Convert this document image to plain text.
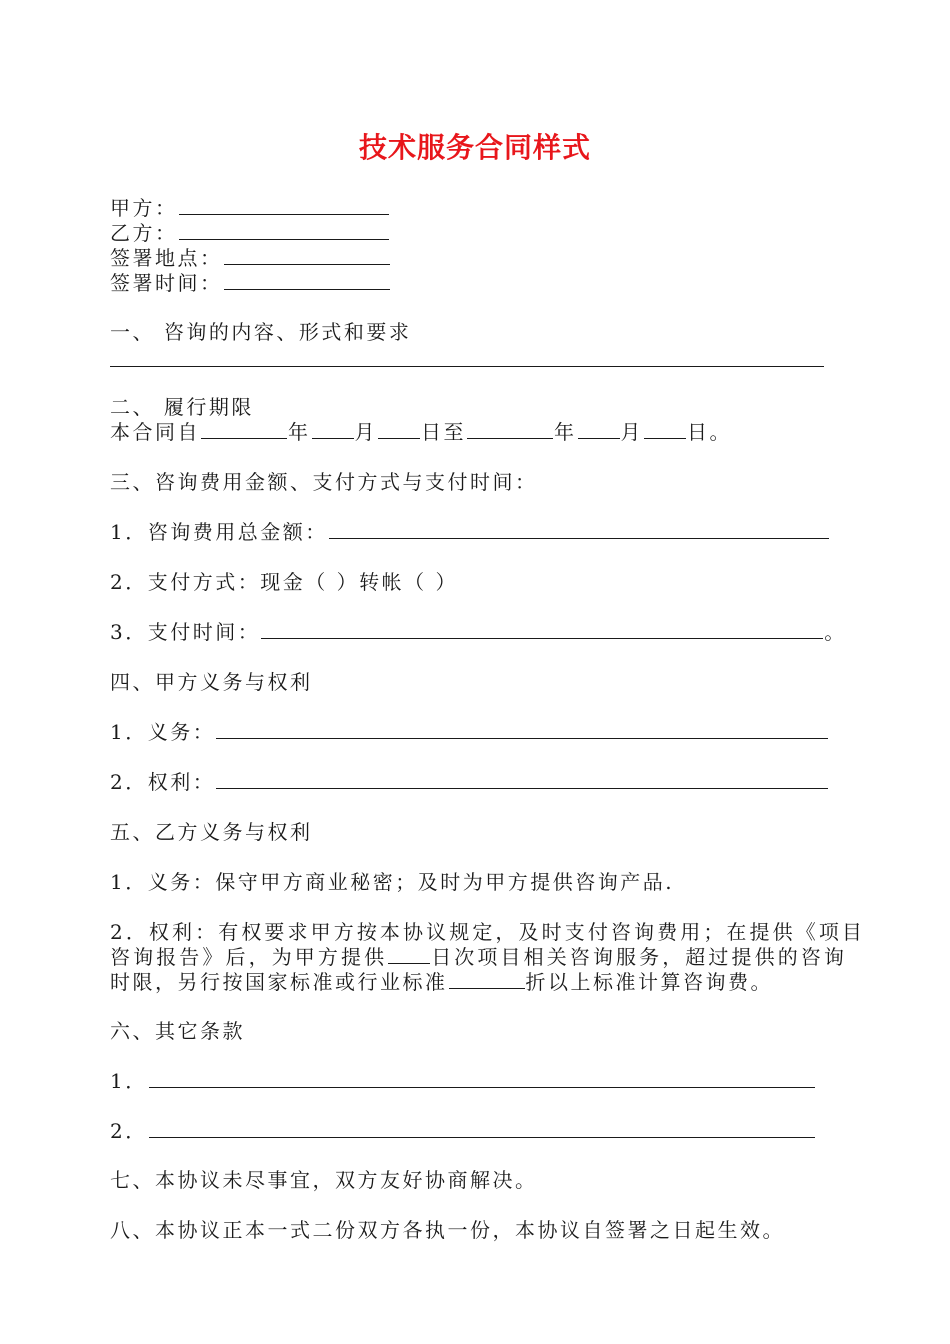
技术服务合同样式
甲方：
乙方：
签署地点：
签署时间：
一、 咨询的内容、形式和要求
二、 履行期限
本合同自	年 月 日至	年 月 日。
三、咨询费用金额、支付方式与支付时间：
1．咨询费用总金额：
2．支付方式：现金（ ）转帐（ ）
3．支付时间：	。
四、甲方义务与权利
1．义务：
2．权利：
五、乙方义务与权利
1．义务：保守甲方商业秘密；及时为甲方提供咨询产品.
2．权利：有权要求甲方按本协议规定，及时支付咨询费用；在提供《项目
咨询报告》后，为甲方提供 日次项目相关咨询服务，超过提供的咨询
时限，另行按国家标准或行业标准	折以上标准计算咨询费。
六、其它条款
1．
2．
七、本协议未尽事宜，双方友好协商解决。
八、本协议正本一式二份双方各执一份，本协议自签署之日起生效。
